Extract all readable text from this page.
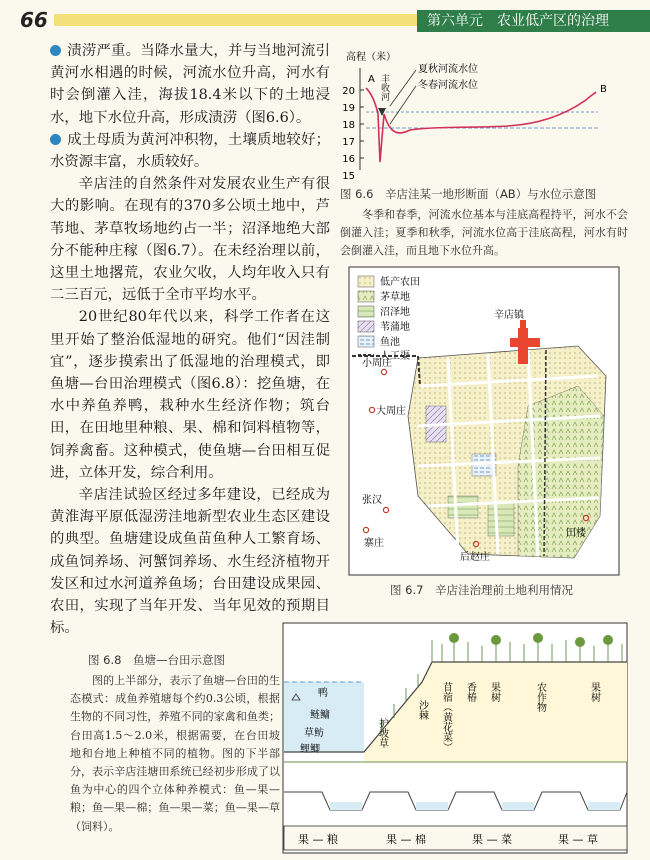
66	第六单元　农业低产区的治理

渍涝严重。当降水量大，并与当地河流引黄河水相遇的时候，河流水位升高，河水有时会倒灌入洼，海拔18.4米以下的土地浸水，地下水位升高，形成渍涝（图6.6）。

成土母质为黄河冲积物，土壤质地较好；水资源丰富，水质较好。

辛店洼的自然条件对发展农业生产有很大的影响。在现有的370多公顷土地中，芦苇地、茅草牧场地约占一半；沼泽地绝大部分不能种庄稼（图6.7）。在未经治理以前，这里土地撂荒，农业欠收，人均年收入只有二三百元，远低于全市平均水平。

20世纪80年代以来，科学工作者在这里开始了整治低湿地的研究。他们“因洼制宜”，逐步摸索出了低湿地的治理模式，即鱼塘—台田治理模式（图6.8）：挖鱼塘，在水中养鱼养鸭，栽种水生经济作物；筑台田，在田地里种粮、果、棉和饲料植物等，饲养禽畜。这种模式，使鱼塘—台田相互促进，立体开发，综合利用。

辛店洼试验区经过多年建设，已经成为黄淮海平原低湿涝洼地新型农业生态区建设的典型。鱼塘建设成鱼苗鱼种人工繁育场、成鱼饲养场、河蟹饲养场、水生经济植物开发区和过水河道养鱼场；台田建设成果园、农田，实现了当年开发、当年见效的预期目标。

高程（米）
20
19
18
17
16
15
A
B
丰收河
夏秋河流水位
冬春河流水位
图 6.6　辛店洼某一地形断面（AB）与水位示意图
冬季和春季，河流水位基本与洼底高程持平，河水不会倒灌入洼；夏季和秋季，河流水位高于洼底高程，河水有时会倒灌入洼，而且地下水位升高。
低产农田
茅草地
沼泽地
苇蒲地
鱼池
人工渠
辛店镇
小周庄
大周庄
张汉
寨庄
后赵庄
田楼
图 6.7　辛店洼治理前土地利用情况
图 6.8　鱼塘—台田示意图
图的上半部分，表示了鱼塘—台田的生态模式：成鱼养殖塘每个约0.3公顷，根据生物的不同习性，养殖不同的家禽和鱼类；台田高1.5～2.0米，根据需要，在台田坡地和台地上种植不同的植物。图的下半部分，表示辛店洼塘田系统已经初步形成了以鱼为中心的四个立体种养模式：鱼—果—粮；鱼—果—棉；鱼—果—菜；鱼—果—草（饲料）。
鸭
鲢鳙
草鲂
鲤鲫
护坡草
沙棘 苜蓿（黄花菜） 香椿 果树	农作物	果树
果 — 粮	果 — 棉	果 — 菜	果 — 草
